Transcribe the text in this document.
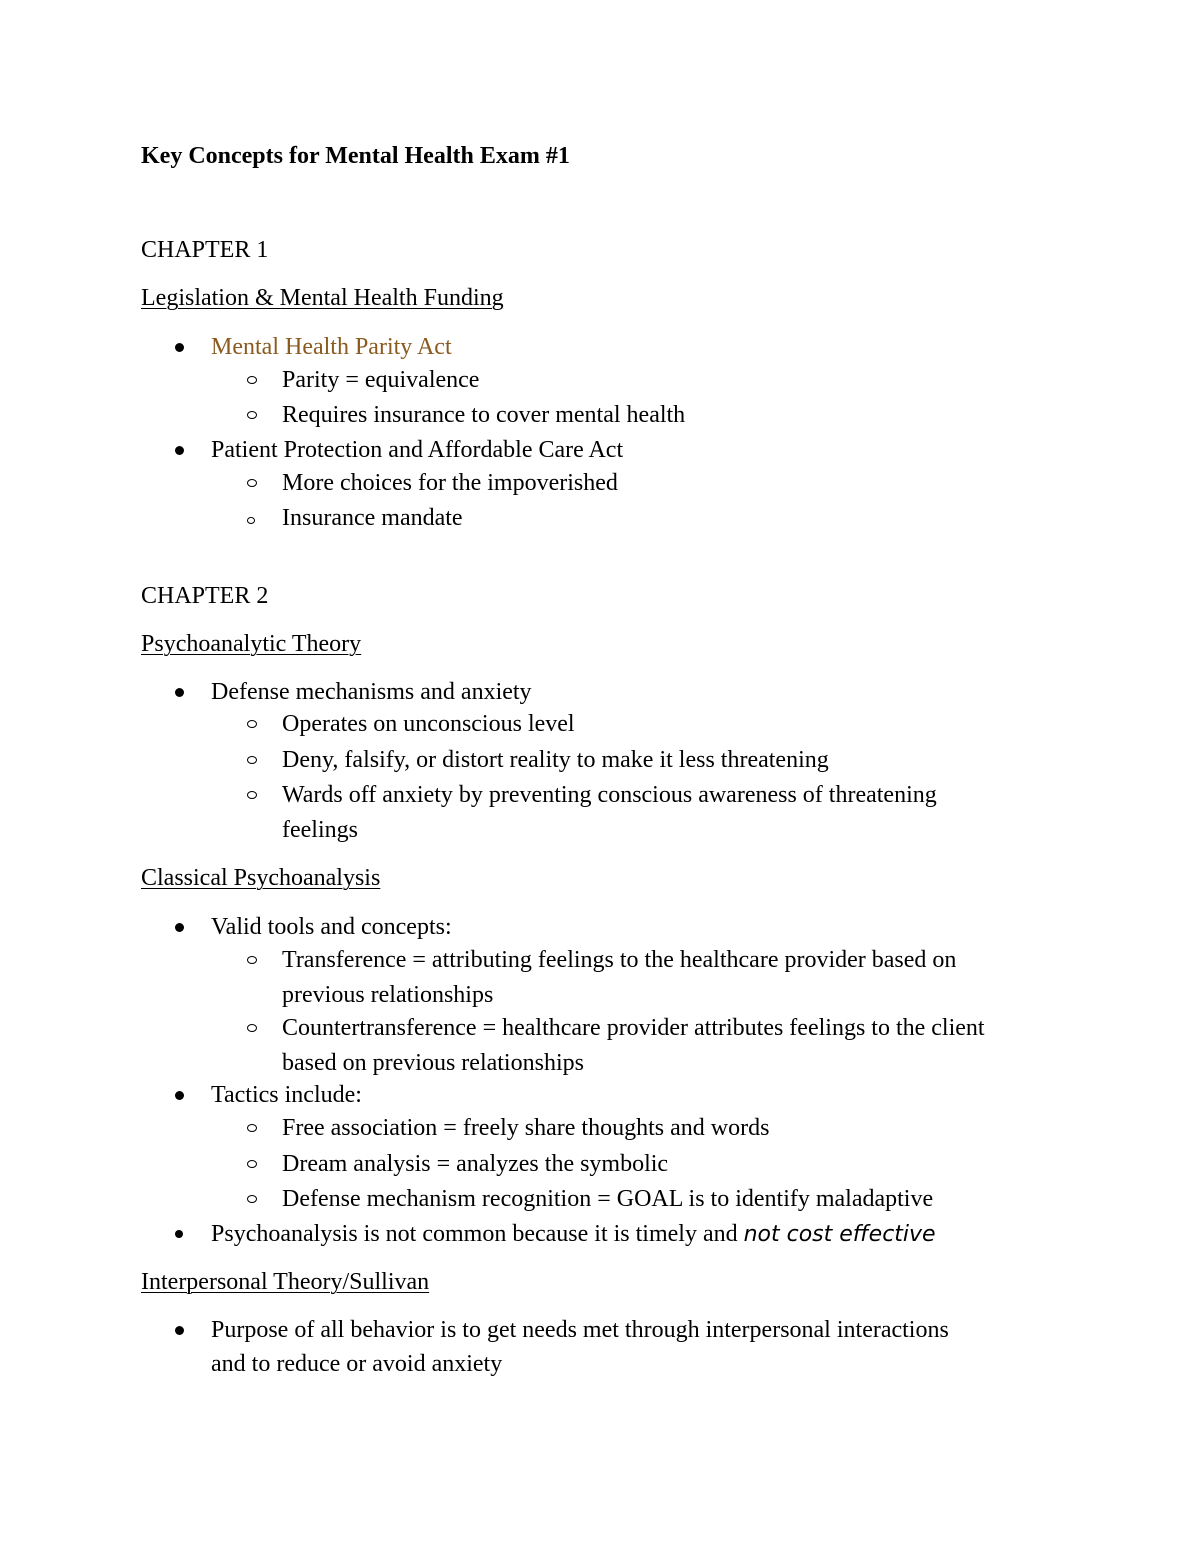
Key Concepts for Mental Health Exam #1
CHAPTER 1
Legislation & Mental Health Funding
Mental Health Parity Act
Parity = equivalence
Requires insurance to cover mental health
Patient Protection and Affordable Care Act
More choices for the impoverished
Insurance mandate
CHAPTER 2
Psychoanalytic Theory
Defense mechanisms and anxiety
Operates on unconscious level
Deny, falsify, or distort reality to make it less threatening
Wards off anxiety by preventing conscious awareness of threatening
feelings
Classical Psychoanalysis
Valid tools and concepts:
Transference = attributing feelings to the healthcare provider based on
previous relationships
Countertransference = healthcare provider attributes feelings to the client
based on previous relationships
Tactics include:
Free association = freely share thoughts and words
Dream analysis = analyzes the symbolic
Defense mechanism recognition = GOAL is to identify maladaptive
Psychoanalysis is not common because it is timely and not cost effective
Interpersonal Theory/Sullivan
Purpose of all behavior is to get needs met through interpersonal interactions
and to reduce or avoid anxiety
